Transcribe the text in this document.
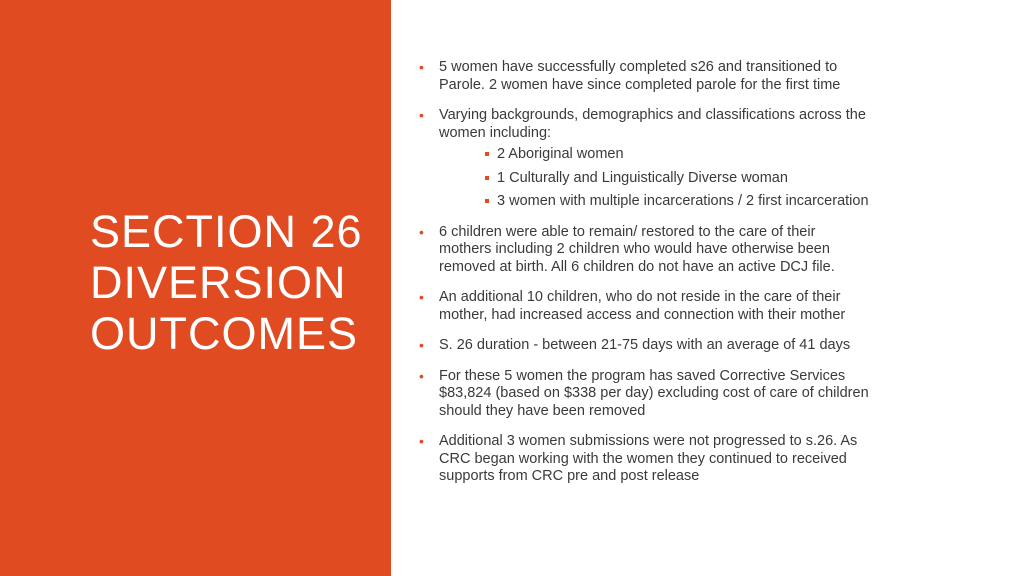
SECTION 26
DIVERSION
OUTCOMES
• 5 women have successfully completed s26 and transitioned to
Parole. 2 women have since completed parole for the first time
• Varying backgrounds, demographics and classifications across the
women including:
2 Aboriginal women
1 Culturally and Linguistically Diverse woman
3 women with multiple incarcerations / 2 first incarceration
• 6 children were able to remain/ restored to the care of their
mothers including 2 children who would have otherwise been
removed at birth. All 6 children do not have an active DCJ file.
• An additional 10 children, who do not reside in the care of their
mother, had increased access and connection with their mother
• S. 26 duration - between 21-75 days with an average of 41 days
• For these 5 women the program has saved Corrective Services
$83,824 (based on $338 per day) excluding cost of care of children
should they have been removed
• Additional 3 women submissions were not progressed to s.26. As
CRC began working with the women they continued to received
supports from CRC pre and post release
